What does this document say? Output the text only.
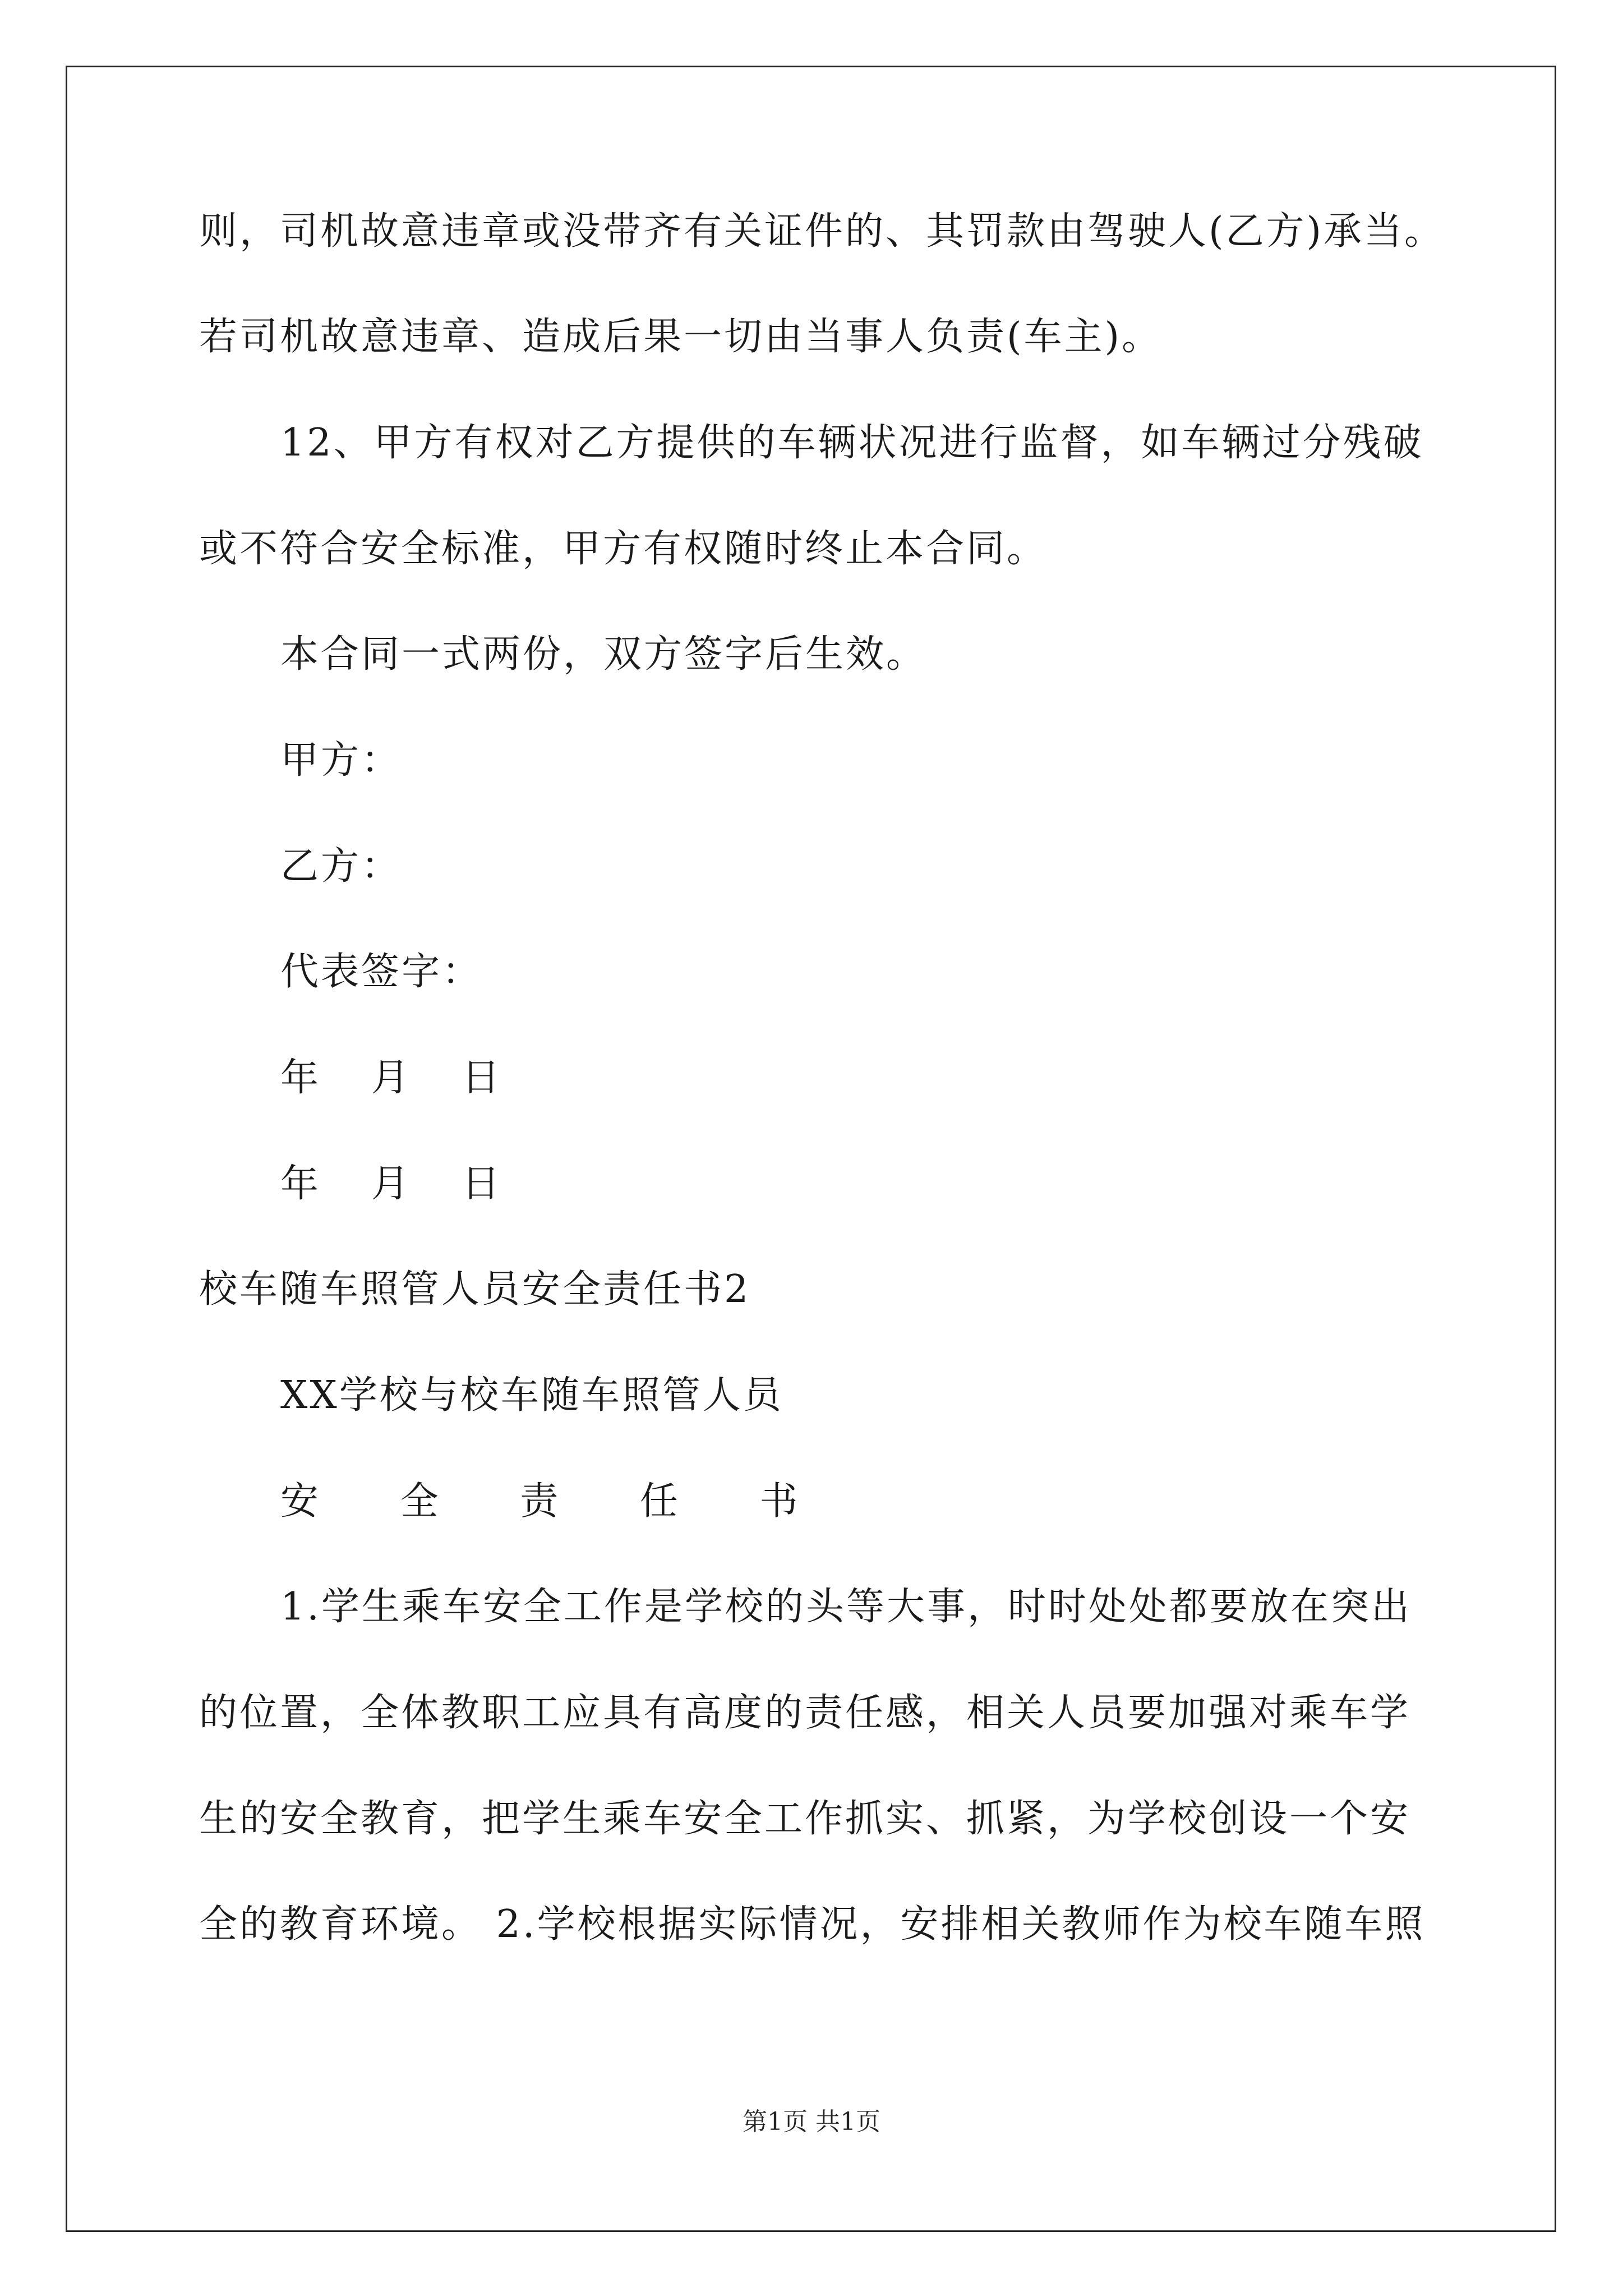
则，司机故意违章或没带齐有关证件的、其罚款由驾驶人(乙方)承当。
若司机故意违章、造成后果一切由当事人负责(车主)。
12、甲方有权对乙方提供的车辆状况进行监督，如车辆过分残破
或不符合安全标准，甲方有权随时终止本合同。
本合同一式两份，双方签字后生效。
甲方：
乙方：
代表签字：
年 月 日
年 月 日
校车随车照管人员安全责任书2
XX学校与校车随车照管人员
安 全 责 任 书
1.学生乘车安全工作是学校的头等大事，时时处处都要放在突出
的位置，全体教职工应具有高度的责任感，相关人员要加强对乘车学
生的安全教育，把学生乘车安全工作抓实、抓紧，为学校创设一个安
全的教育环境。 2.学校根据实际情况，安排相关教师作为校车随车照
第1页 共1页
